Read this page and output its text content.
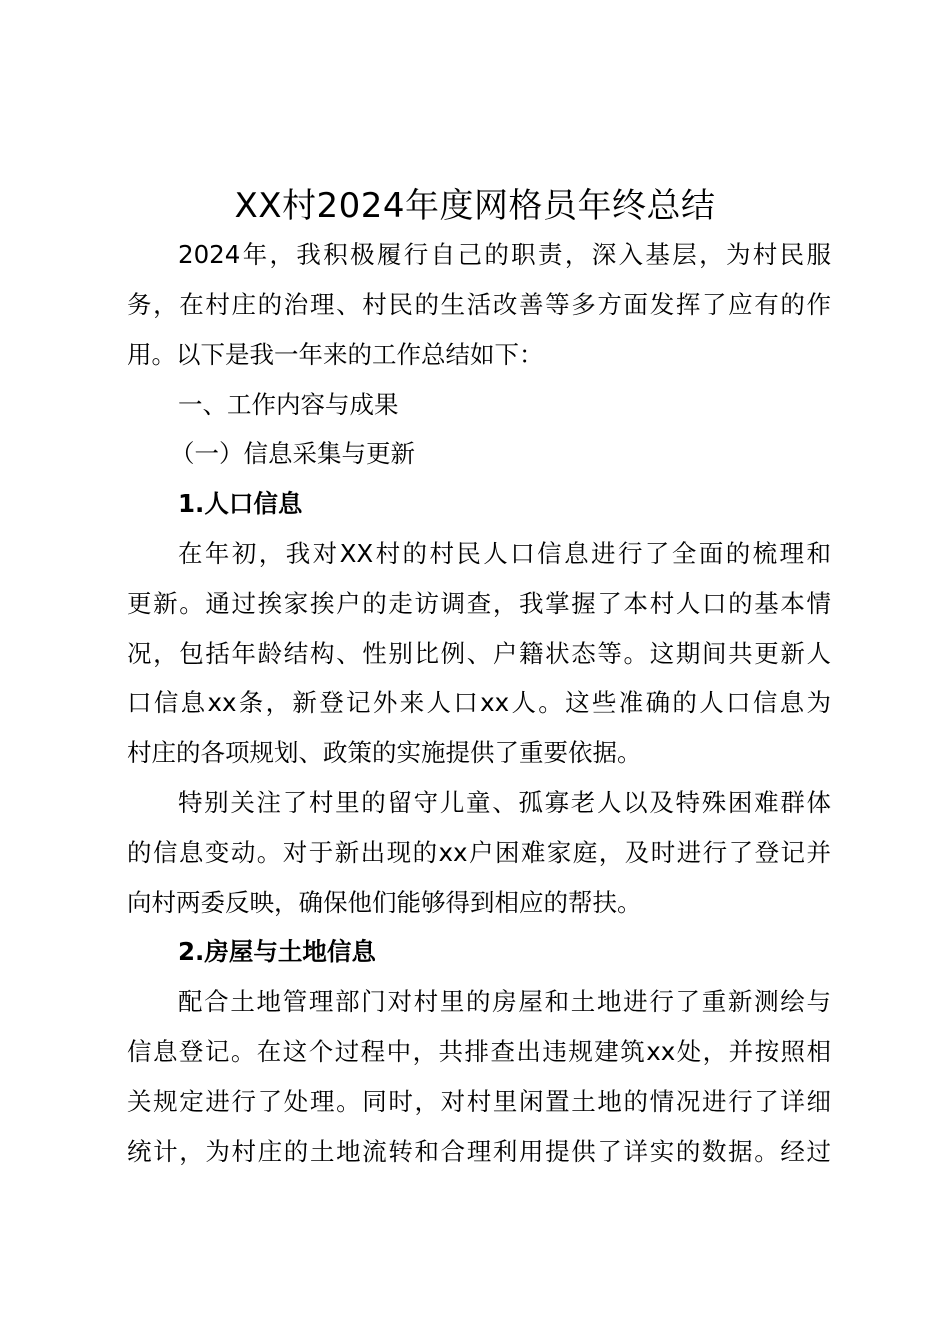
XX村2024年度网格员年终总结
2024年，我积极履行自己的职责，深入基层，为村民服
务，在村庄的治理、村民的生活改善等多方面发挥了应有的作
用。以下是我一年来的工作总结如下：
一、工作内容与成果
（一）信息采集与更新
1.人口信息
在年初，我对XX村的村民人口信息进行了全面的梳理和
更新。通过挨家挨户的走访调查，我掌握了本村人口的基本情
况，包括年龄结构、性别比例、户籍状态等。这期间共更新人
口信息xx条，新登记外来人口xx人。这些准确的人口信息为
村庄的各项规划、政策的实施提供了重要依据。
特别关注了村里的留守儿童、孤寡老人以及特殊困难群体
的信息变动。对于新出现的xx户困难家庭，及时进行了登记并
向村两委反映，确保他们能够得到相应的帮扶。
2.房屋与土地信息
配合土地管理部门对村里的房屋和土地进行了重新测绘与
信息登记。在这个过程中，共排查出违规建筑xx处，并按照相
关规定进行了处理。同时，对村里闲置土地的情况进行了详细
统计，为村庄的土地流转和合理利用提供了详实的数据。经过
